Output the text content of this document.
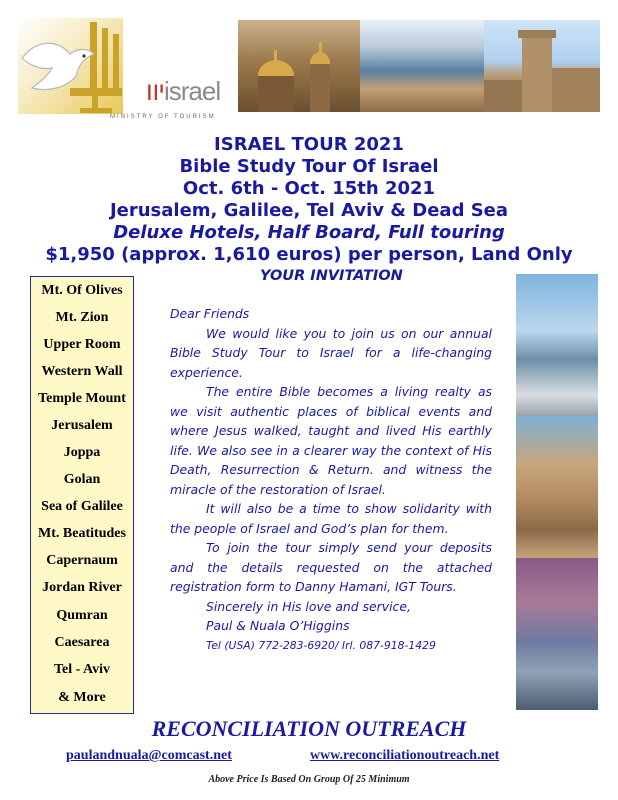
יװisrael
MINISTRY OF TOURISM
ISRAEL TOUR 2021
Bible Study Tour Of Israel
Oct. 6th - Oct. 15th 2021
Jerusalem, Galilee, Tel Aviv & Dead Sea
Deluxe Hotels, Half Board, Full touring
$1,950 (approx. 1,610 euros) per person, Land Only
YOUR INVITATION
Mt. Of Olives
Mt. Zion
Upper Room
Western Wall
Temple Mount
Jerusalem
Joppa
Golan
Sea of Galilee
Mt. Beatitudes
Capernaum
Jordan River
Qumran
Caesarea
Tel - Aviv
& More

Dear Friends

We would like you to join us on our annual Bible Study Tour to Israel for a life-changing experience.

The entire Bible becomes a living realty as we visit authentic places of biblical events and where Jesus walked, taught and lived His earthly life. We also see in a clearer way the context of His Death, Resurrection & Return. and witness the miracle of the restoration of Israel.

It will also be a time to show solidarity with the people of Israel and God’s plan for them.

To join the tour simply send your deposits and the details requested on the attached registration form to Danny Hamani, IGT Tours.

Sincerely in His love and service,

Paul & Nuala O’Higgins

Tel (USA) 772-283-6920/ Irl. 087-918-1429

RECONCILIATION OUTREACH
paulandnuala@comcast.net	www.reconciliationoutreach.net
Above Price Is Based On Group Of 25 Minimum
